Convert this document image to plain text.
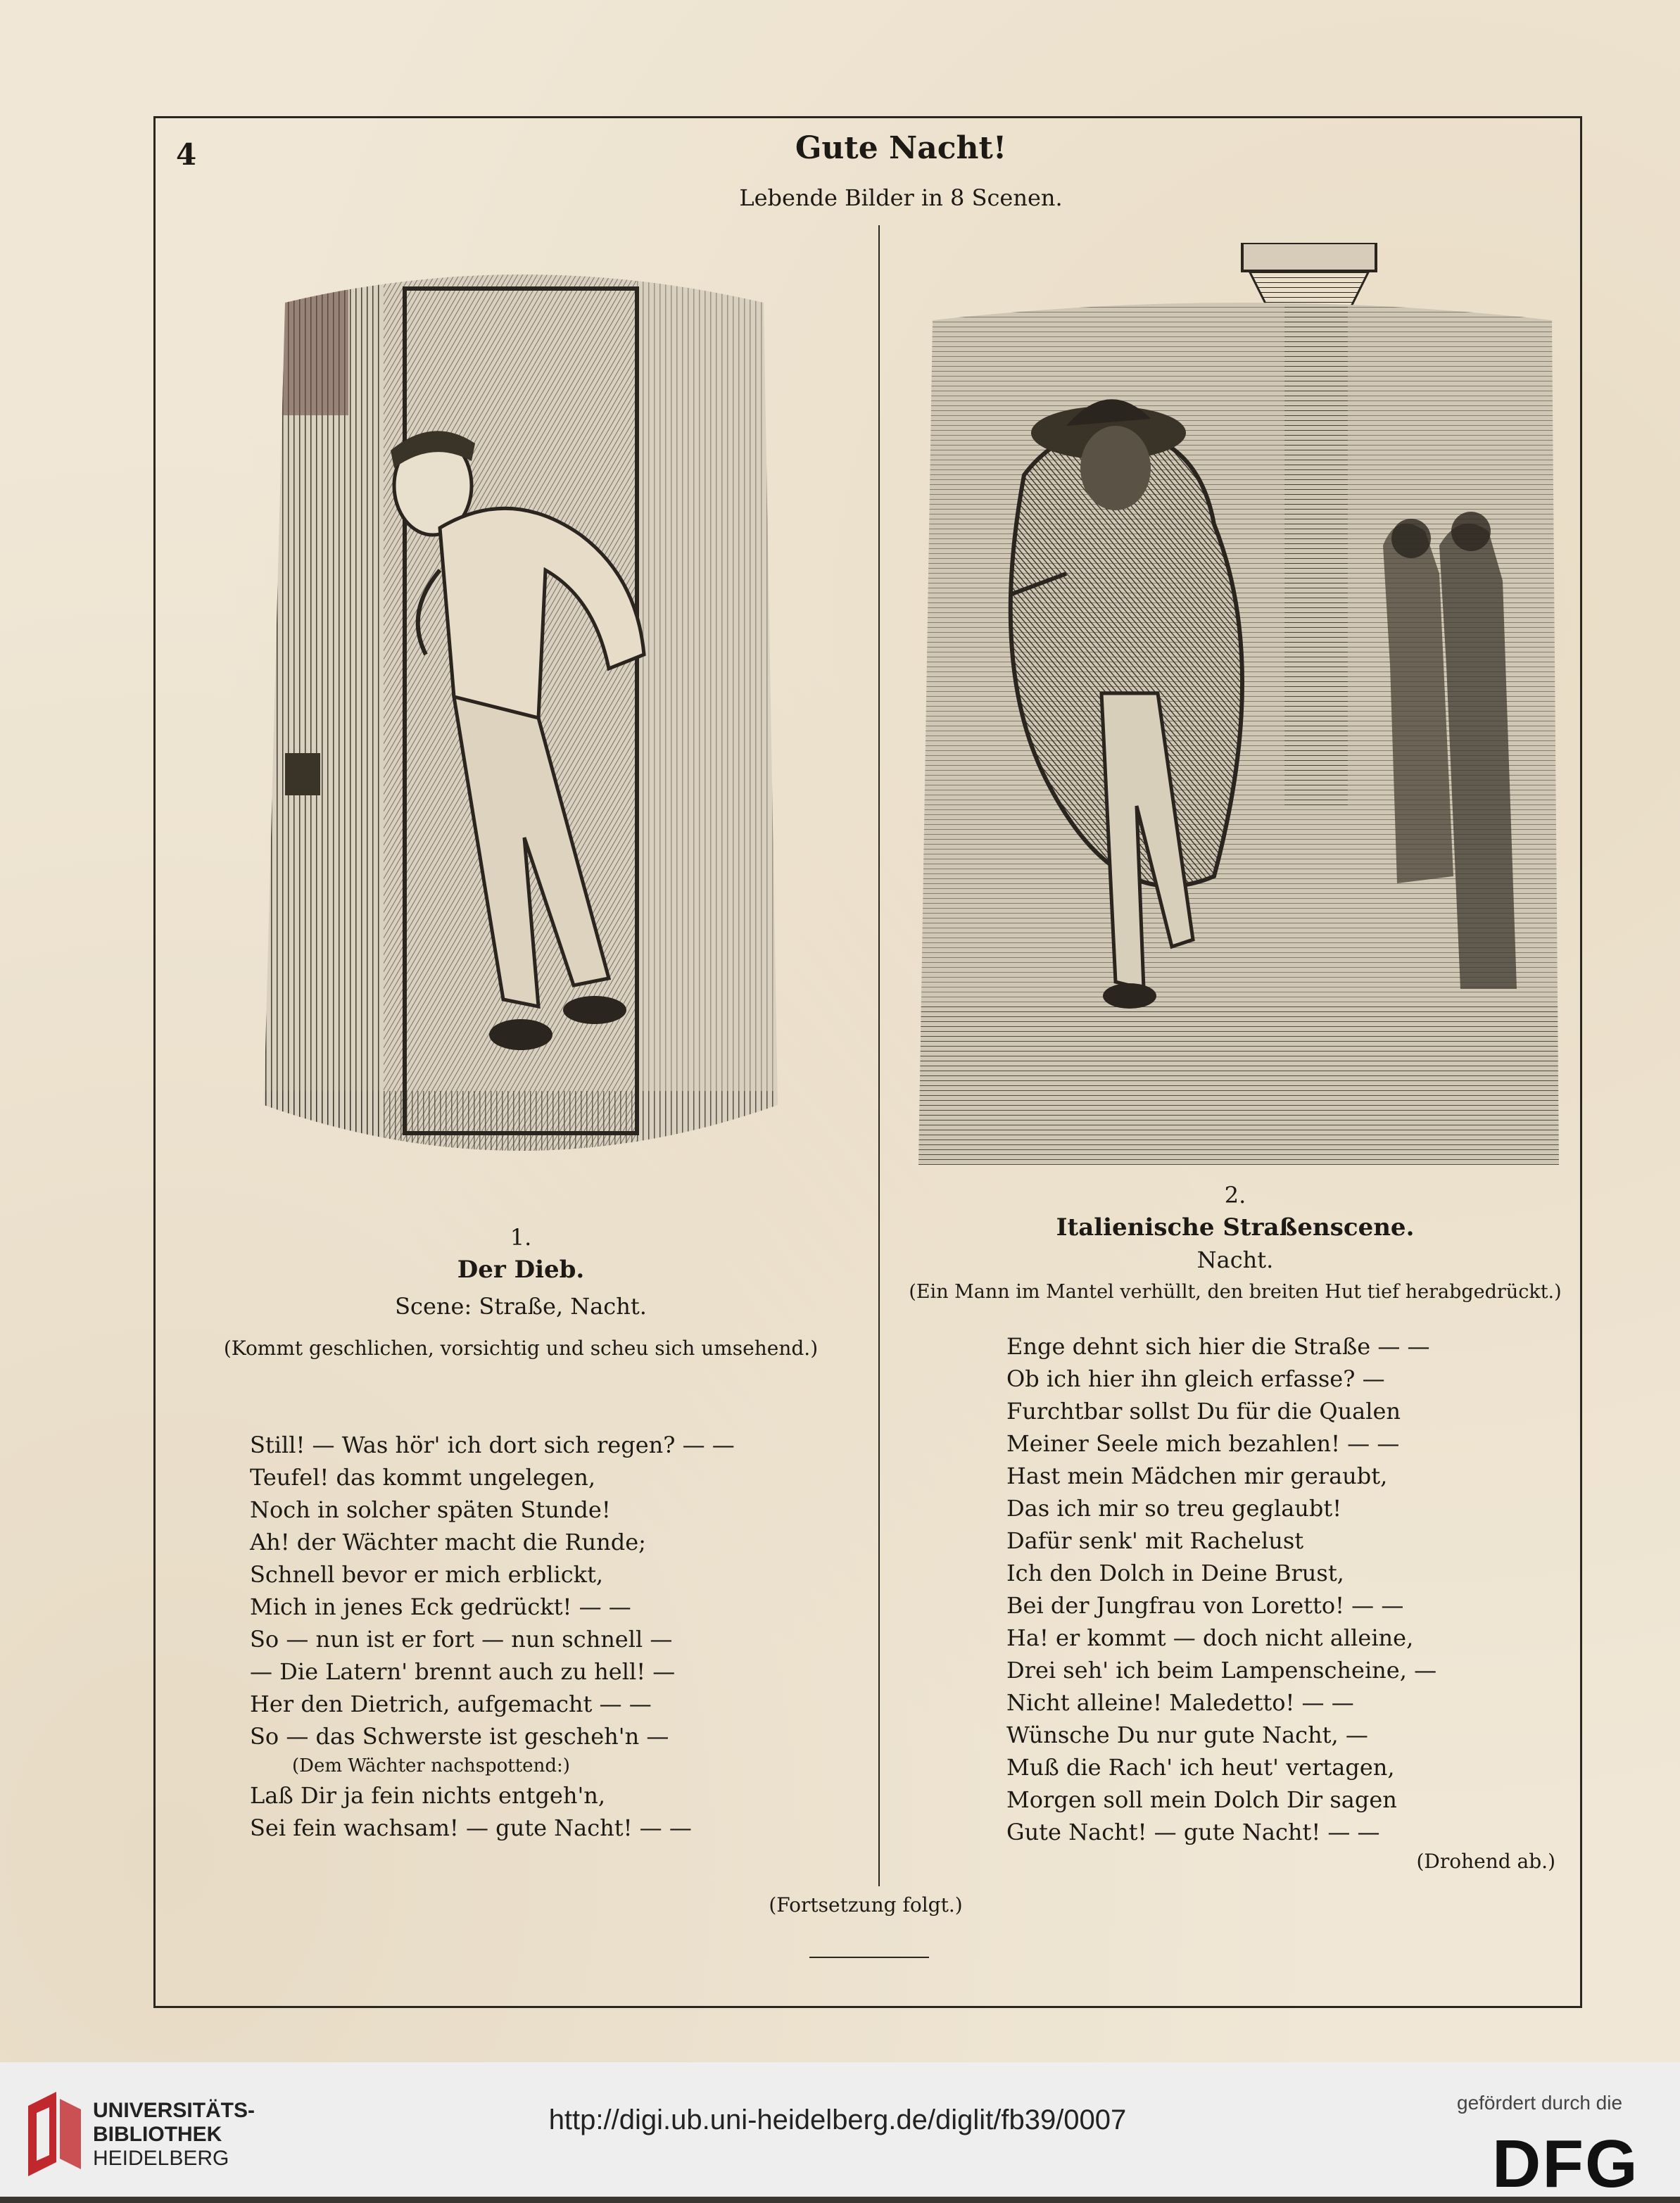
4	Gute Nacht!
Lebende Bilder in 8 Scenen.
1.
Der Dieb.
Scene: Straße, Nacht.
(Kommt geschlichen, vorsichtig und scheu sich umsehend.)
Still! — Was hör' ich dort sich regen? — —
Teufel! das kommt ungelegen,
Noch in solcher späten Stunde!
Ah! der Wächter macht die Runde;
Schnell bevor er mich erblickt,
Mich in jenes Eck gedrückt! — —
So — nun ist er fort — nun schnell —
— Die Latern' brennt auch zu hell! —
Her den Dietrich, aufgemacht — —
So — das Schwerste ist gescheh'n —
(Dem Wächter nachspottend:)
Laß Dir ja fein nichts entgeh'n,
Sei fein wachsam! — gute Nacht! — —
2.
Italienische Straßenscene.
Nacht.
(Ein Mann im Mantel verhüllt, den breiten Hut tief herabgedrückt.)
Enge dehnt sich hier die Straße — —
Ob ich hier ihn gleich erfasse? —
Furchtbar sollst Du für die Qualen
Meiner Seele mich bezahlen! — —
Hast mein Mädchen mir geraubt,
Das ich mir so treu geglaubt!
Dafür senk' mit Rachelust
Ich den Dolch in Deine Brust,
Bei der Jungfrau von Loretto! — —
Ha! er kommt — doch nicht alleine,
Drei seh' ich beim Lampenscheine, —
Nicht alleine! Maledetto! — —
Wünsche Du nur gute Nacht, —
Muß die Rach' ich heut' vertagen,
Morgen soll mein Dolch Dir sagen
Gute Nacht! — gute Nacht! — —
(Drohend ab.)
(Fortsetzung folgt.)
UNIVERSITÄTS-
BIBLIOTHEK
HEIDELBERG
http://digi.ub.uni-heidelberg.de/diglit/fb39/0007
gefördert durch die
DFG
